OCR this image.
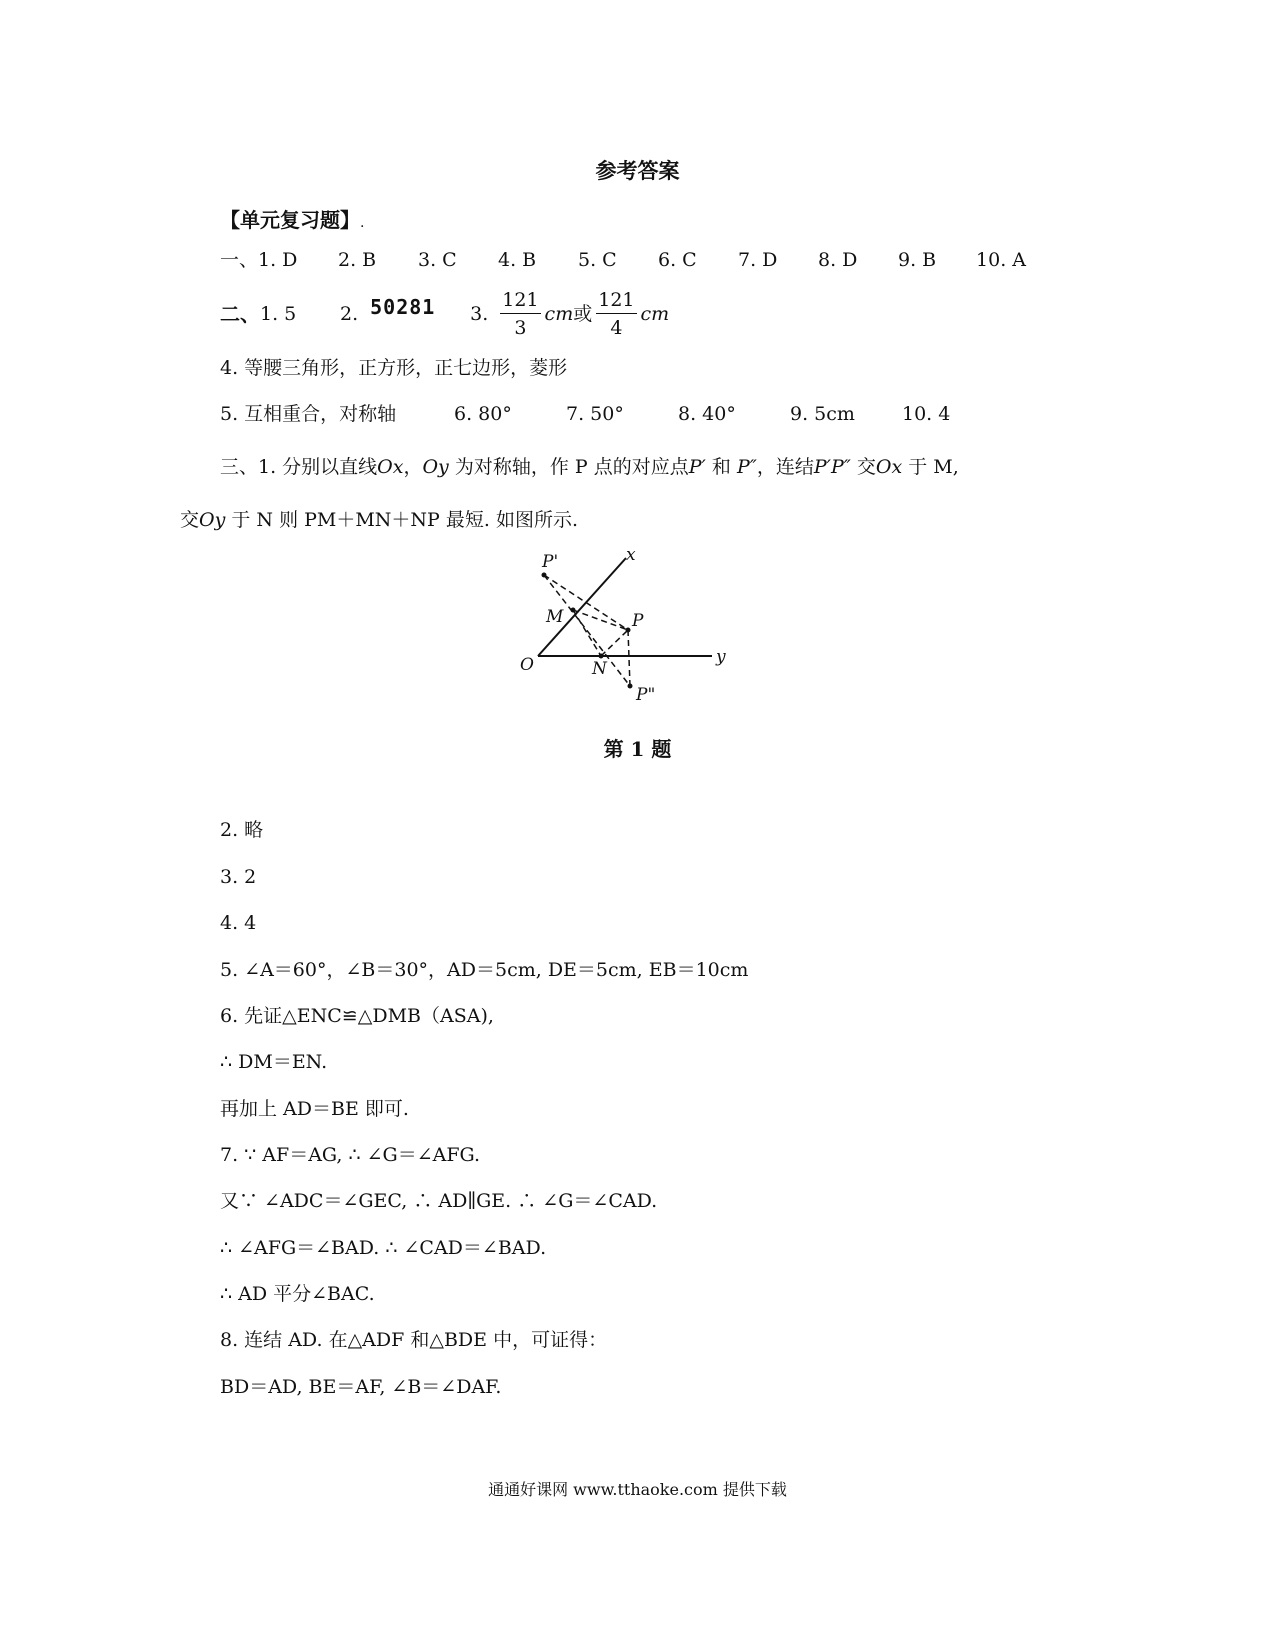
参考答案
【单元复习题】.
一、 1. D	2. B	3. C	4. B	5. C	6. C	7. D	8. D	9. B	10. A
二、 1. 5	2. 50281	3. $\frac{121}{3}$ cm 或 $\frac{121}{4}$ cm
4. 等腰三角形，正方形，正七边形，菱形
5. 互相重合，对称轴	6. 80°	7. 50°	8. 40°	9. 5cm	10. 4
三、1. 分别以直线Ox，Oy 为对称轴，作 P 点的对应点P′ 和 P″，连结P′P″ 交Ox 于 M,
交Oy 于 N 则 PM＋MN＋NP 最短. 如图所示.
P'	x
M	P
O	N
y
P"
第 1 题
2. 略
3. 2
4. 4
5. ∠A＝60°，∠B＝30°，AD＝5cm, DE＝5cm, EB＝10cm
6. 先证△ENC≌△DMB（ASA),
∴ DM＝EN.
再加上 AD＝BE 即可.
7. ∵ AF＝AG, ∴ ∠G＝∠AFG.
又∵ ∠ADC＝∠GEC, ∴ AD∥GE. ∴ ∠G＝∠CAD.
∴ ∠AFG＝∠BAD. ∴ ∠CAD＝∠BAD.
∴ AD 平分∠BAC.
8. 连结 AD. 在△ADF 和△BDE 中，可证得：
BD＝AD, BE＝AF, ∠B＝∠DAF.
通通好课网 www.tthaoke.com 提供下载
